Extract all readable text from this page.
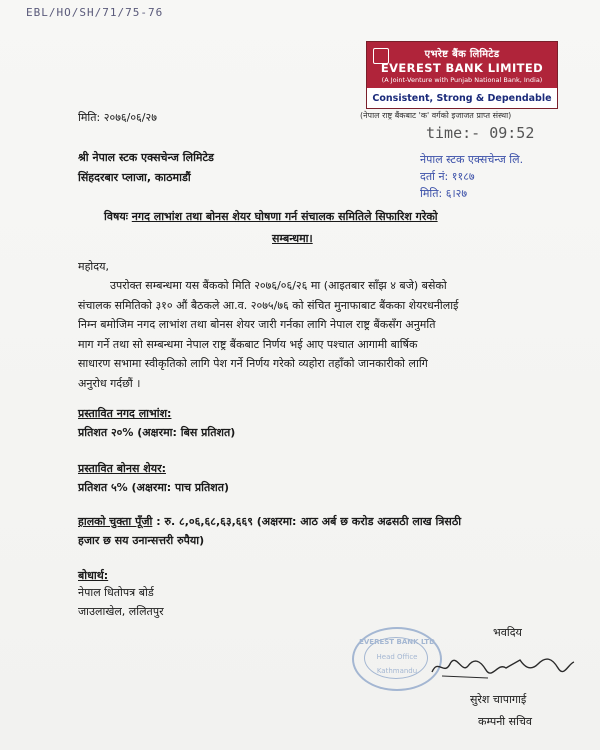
EBL/HO/SH/71/75-76
एभरेष्ट बैंक लिमिटेड
EVEREST BANK LIMITED
(A Joint-Venture with Punjab National Bank, India)
Consistent, Strong & Dependable
(नेपाल राष्ट्र बैंकबाट 'क' वर्गको इजाजत प्राप्त संस्था)
मिति: २०७६/०६/२७
time:- 09:52
नेपाल स्टक एक्सचेन्ज लि.
दर्ता नं: ११८७
मिति: ६।२७
श्री नेपाल स्टक एक्सचेन्ज लिमिटेड
सिंहदरबार प्लाजा, काठमाडौं
विषयः नगद लाभांश तथा बोनस शेयर घोषणा गर्न संचालक समितिले सिफारिश गरेको
सम्बन्धमा।
महोदय,
उपरोक्त सम्बन्धमा यस बैंकको मिति २०७६/०६/२६ मा (आइतबार साँझ ४ बजे) बसेको
संचालक समितिको ३१० औं बैठकले आ.व. २०७५/७६ को संचित मुनाफाबाट बैंकका शेयरधनीलाई
निम्न बमोजिम नगद लाभांश तथा बोनस शेयर जारी गर्नका लागि नेपाल राष्ट्र बैंकसँग अनुमति
माग गर्ने तथा सो सम्बन्धमा नेपाल राष्ट्र बैंकबाट निर्णय भई आए पश्चात आगामी बार्षिक
साधारण सभामा स्वीकृतिको लागि पेश गर्ने निर्णय गरेको व्यहोरा तहाँको जानकारीको लागि
अनुरोध गर्दछौं ।
प्रस्तावित नगद लाभांश:
प्रतिशत २०% (अक्षरमा: बिस प्रतिशत)
प्रस्तावित बोनस शेयर:
प्रतिशत ५% (अक्षरमा: पाच प्रतिशत)
हालको चुक्ता पूँजी : रु. ८,०६,६८,६३,६६९ (अक्षरमा: आठ अर्ब छ करोड अढसठी लाख त्रिसठी
हजार छ सय उनान्सत्तरी रुपैया)
बोधार्थ:
नेपाल धितोपत्र बोर्ड
जाउलाखेल, ललितपुर
भवदिय
EVEREST BANK LTD
Head Office
Kathmandu
सुरेश चापागाई
कम्पनी सचिव
